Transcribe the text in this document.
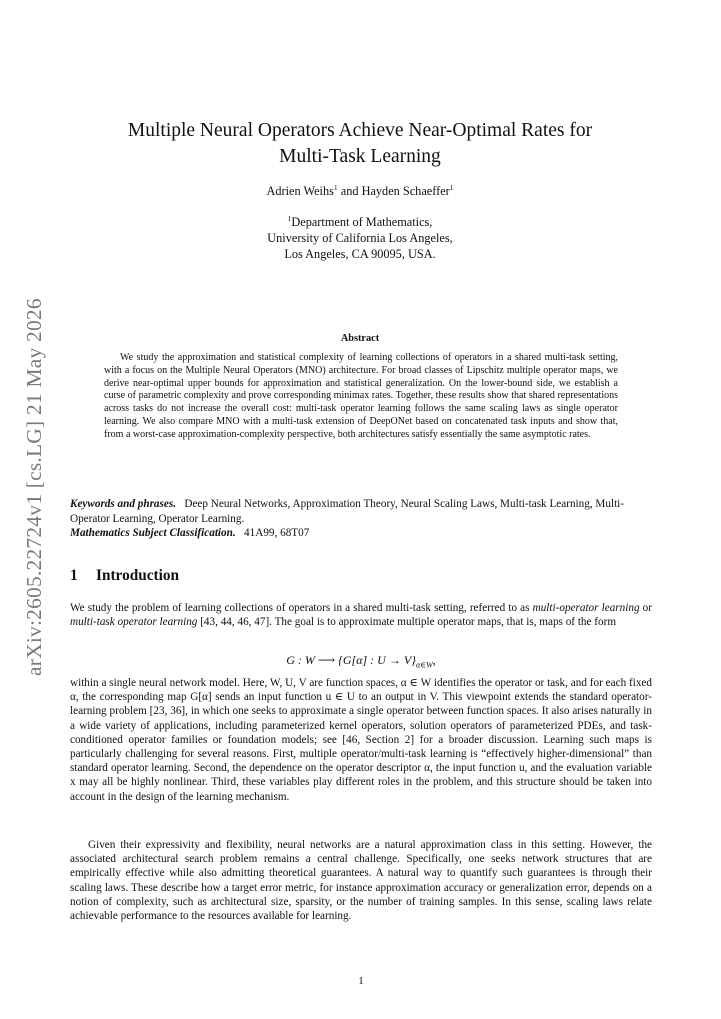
arXiv:2605.22724v1 [cs.LG] 21 May 2026
Multiple Neural Operators Achieve Near-Optimal Rates for
Multi-Task Learning
Adrien Weihs$^1$ and Hayden Schaeffer$^1$
$^1$Department of Mathematics,
University of California Los Angeles,
Los Angeles, CA 90095, USA.
Abstract

We study the approximation and statistical complexity of learning collections of operators in a shared multi-task setting, with a focus on the Multiple Neural Operators (MNO) architecture. For broad classes of Lipschitz multiple operator maps, we derive near-optimal upper bounds for approximation and statistical generalization. On the lower-bound side, we establish a curse of parametric complexity and prove corresponding minimax rates. Together, these results show that shared representations across tasks do not increase the overall cost: multi-task operator learning follows the same scaling laws as single operator learning. We also compare MNO with a multi-task extension of DeepONet based on concatenated task inputs and show that, from a worst-case approximation-complexity perspective, both architectures satisfy essentially the same asymptotic rates.

Keywords and phrases. Deep Neural Networks, Approximation Theory, Neural Scaling Laws, Multi-task Learning, Multi-Operator Learning, Operator Learning.
Mathematics Subject Classification. 41A99, 68T07

1 Introduction

We study the problem of learning collections of operators in a shared multi-task setting, referred to as multi-operator learning or multi-task operator learning [43, 44, 46, 47]. The goal is to approximate multiple operator maps, that is, maps of the form

G : W ⟶ {G[α] : $U \to V\}_{\alpha\in W}$,

within a single neural network model. Here, W, U, V are function spaces, α ∈ W identifies the operator or task, and for each fixed α, the corresponding map G[α] sends an input function u ∈ U to an output in V. This viewpoint extends the standard operator-learning problem [23, 36], in which one seeks to approximate a single operator between function spaces. It also arises naturally in a wide variety of applications, including parameterized kernel operators, solution operators of parameterized PDEs, and task-conditioned operator families or foundation models; see [46, Section 2] for a broader discussion. Learning such maps is particularly challenging for several reasons. First, multiple operator/multi-task learning is “effectively higher-dimensional” than standard operator learning. Second, the dependence on the operator descriptor α, the input function u, and the evaluation variable x may all be highly nonlinear. Third, these variables play different roles in the problem, and this structure should be taken into account in the design of the learning mechanism.

Given their expressivity and flexibility, neural networks are a natural approximation class in this setting. However, the associated architectural search problem remains a central challenge. Specifically, one seeks network structures that are empirically effective while also admitting theoretical guarantees. A natural way to quantify such guarantees is through their scaling laws. These describe how a target error metric, for instance approximation accuracy or generalization error, depends on a notion of complexity, such as architectural size, sparsity, or the number of training samples. In this sense, scaling laws relate achievable performance to the resources available for learning.

1
